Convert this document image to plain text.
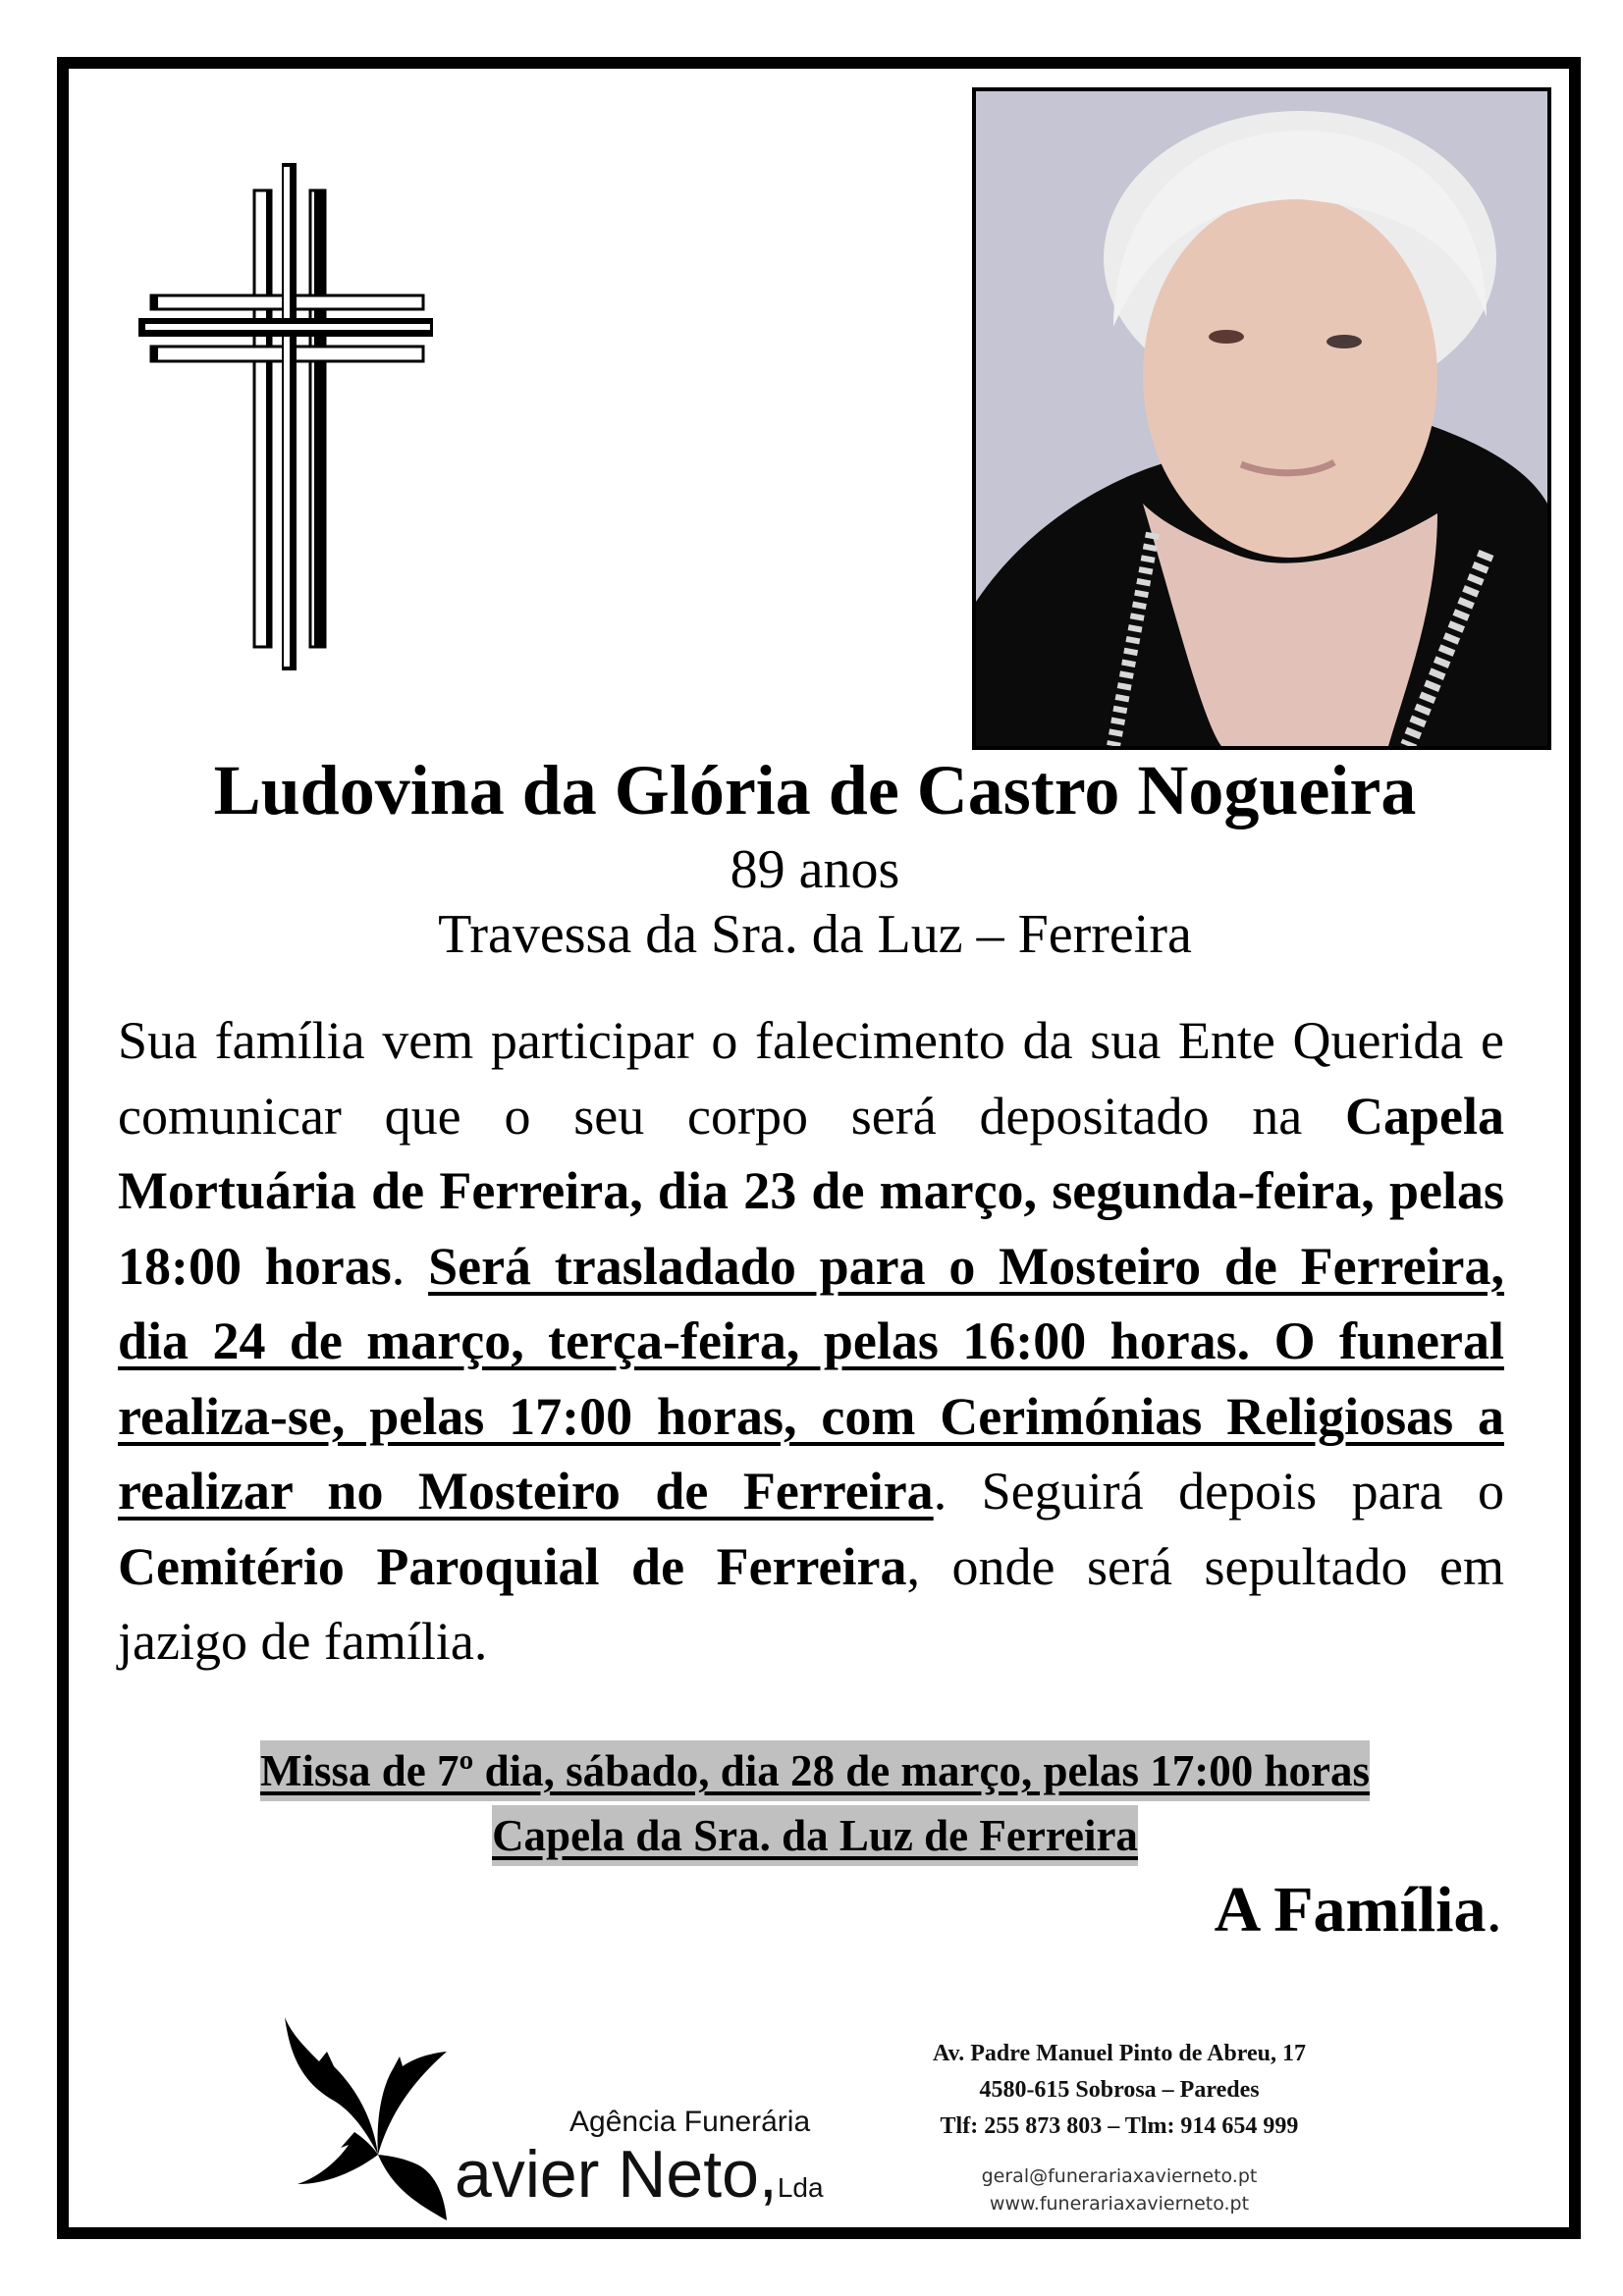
Ludovina da Glória de Castro Nogueira
89 anos
Travessa da Sra. da Luz – Ferreira
Sua família vem participar o falecimento da sua Ente Querida e comunicar que o seu corpo será depositado na Capela Mortuária de Ferreira, dia 23 de março, segunda-feira, pelas 18:00 horas. Será trasladado para o Mosteiro de Ferreira, dia 24 de março, terça-feira, pelas 16:00 horas. O funeral realiza-se, pelas 17:00 horas, com Cerimónias Religiosas a realizar no Mosteiro de Ferreira. Seguirá depois para o Cemitério Paroquial de Ferreira, onde será sepultado em jazigo de família.
Missa de 7º dia, sábado, dia 28 de março, pelas 17:00 horas
Capela da Sra. da Luz de Ferreira
A Família.
Agência Funerária
avier Neto,Lda
Av. Padre Manuel Pinto de Abreu, 17
4580-615 Sobrosa – Paredes
Tlf: 255 873 803 – Tlm: 914 654 999
geral@funerariaxavierneto.pt
www.funerariaxavierneto.pt
